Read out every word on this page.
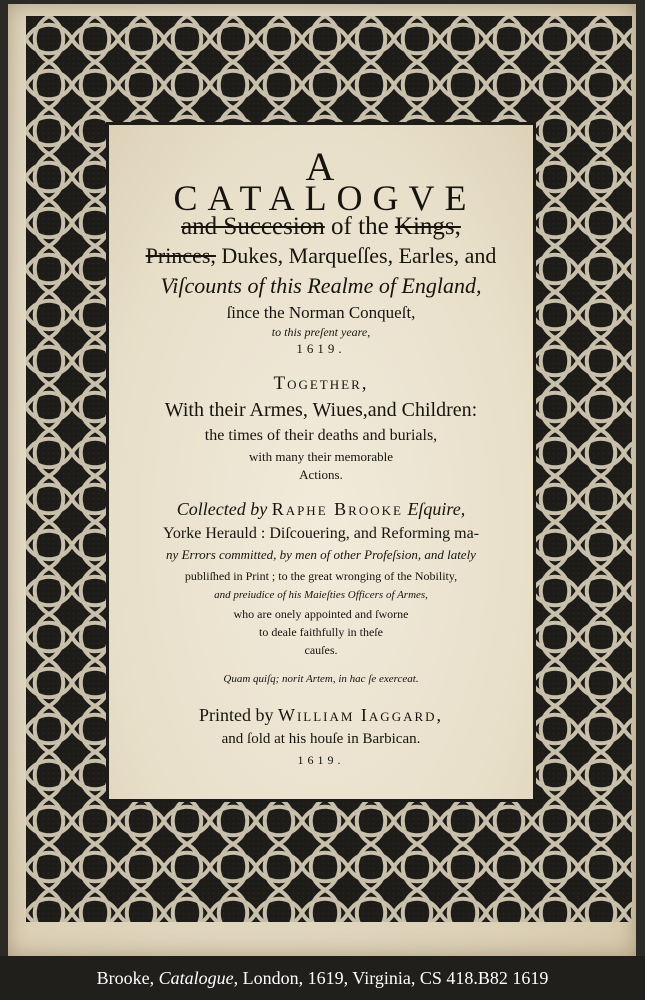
A
CATALOGVE
and Succesion of the Kings,
Princes, Dukes, Marqueſſes, Earles, and
Viſcounts of this Realme of England,
ſince the Norman Conqueſt,
to this preſent yeare,
1619.
Together,
With their Armes, Wiues,and Children:
the times of their deaths and burials,
with many their memorable
Actions.
Collected by Raphe Brooke Eſquire,
Yorke Herauld : Diſcouering, and Reforming ma-
ny Errors committed, by men of other Profeſsion, and lately
publiſhed in Print ; to the great wronging of the Nobility,
and preiudice of his Maieſties Officers of Armes,
who are onely appointed and ſworne
to deale faithfully in theſe
cauſes.
Quam quiſq; norit Artem, in hac ſe exerceat.
Printed by William Iaggard,
and ſold at his houſe in Barbican.
1619.
Brooke, Catalogue, London, 1619, Virginia, CS 418.B82 1619
